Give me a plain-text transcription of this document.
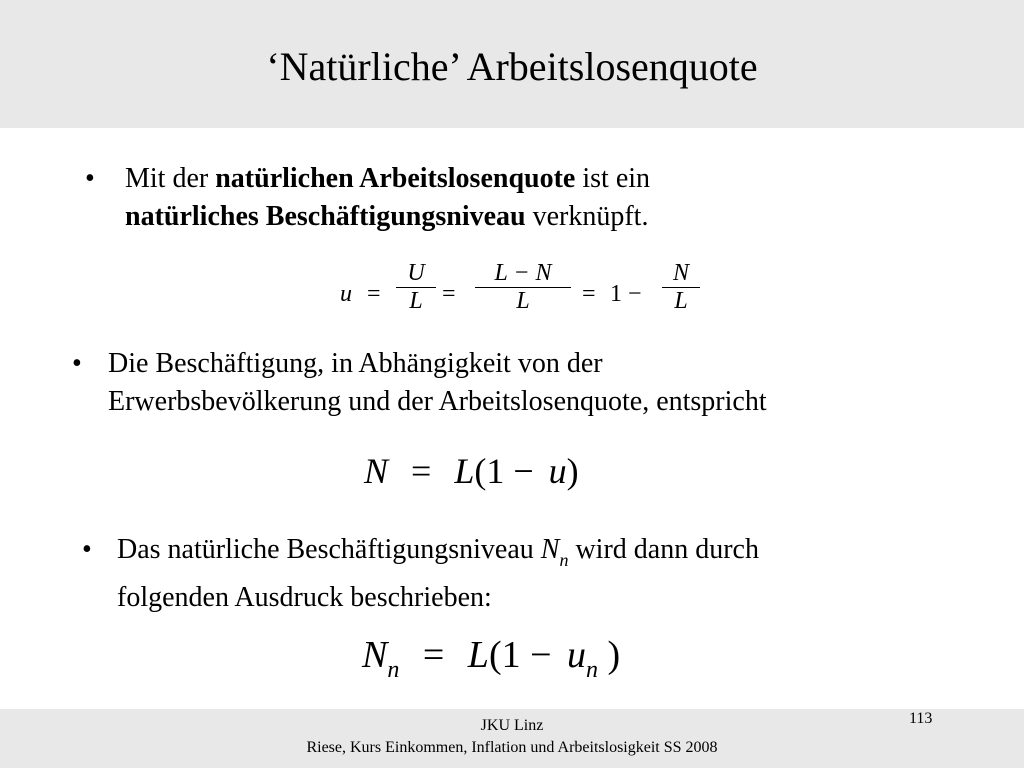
‘Natürliche’ Arbeitslosenquote
• Mit der natürlichen Arbeitslosenquote ist ein
natürliches Beschäftigungsniveau verknüpft.
u =
U
L =
L − N
L	= 1 −
N
L
• Die Beschäftigung, in Abhängigkeit von der
Erwerbsbevölkerung und der Arbeitslosenquote, entspricht
N = L(1 − u)
• Das natürliche Beschäftigungsniveau $N_n$ wird dann durch
folgenden Ausdruck beschrieben:
$N_n = L(1 - u_n$ )
113
JKU Linz
Riese, Kurs Einkommen, Inflation und Arbeitslosigkeit SS 2008
